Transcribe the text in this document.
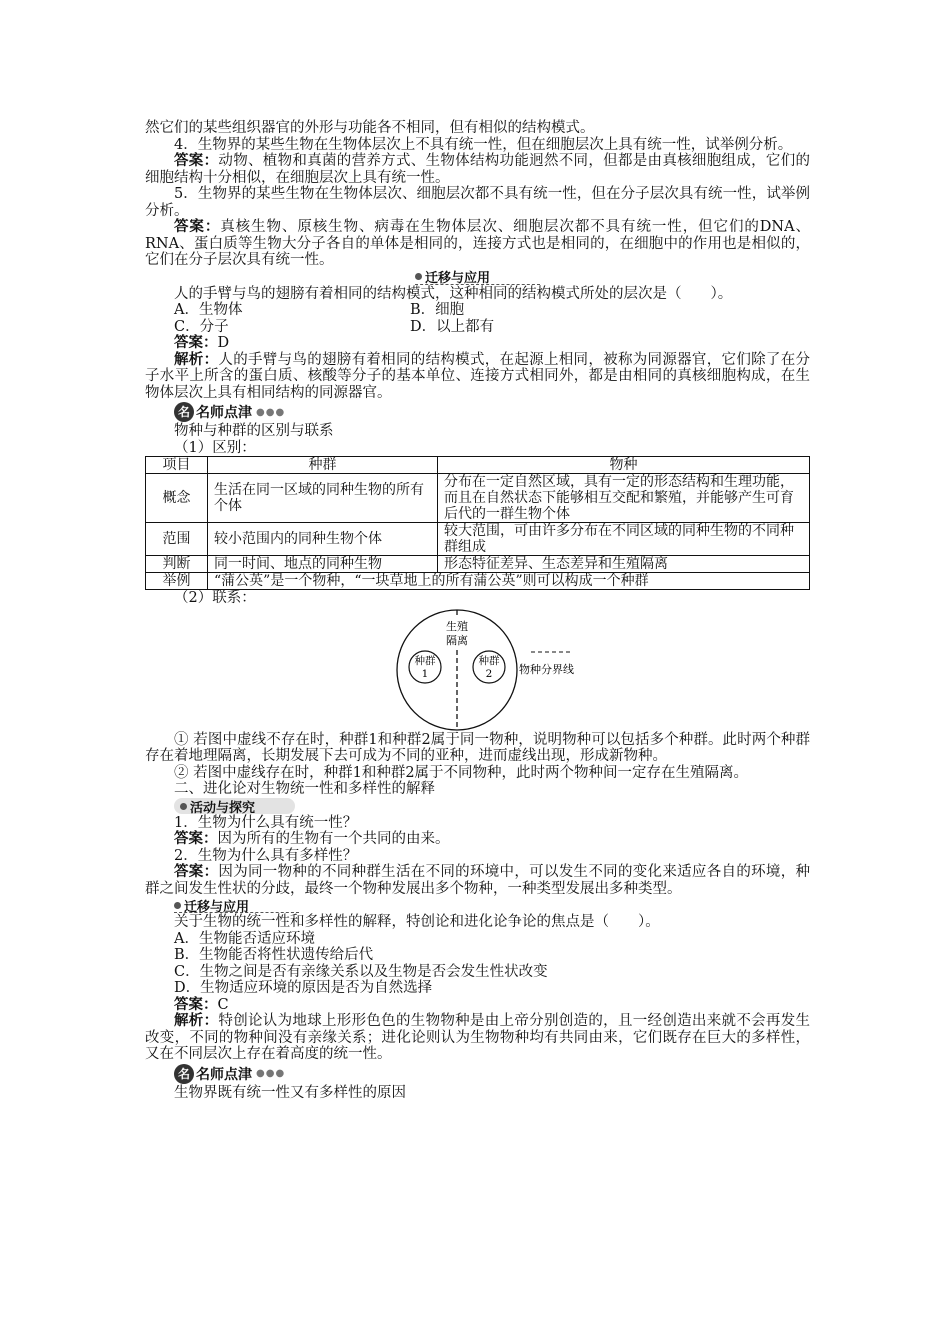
然它们的某些组织器官的外形与功能各不相同，但有相似的结构模式。

4．生物界的某些生物在生物体层次上不具有统一性，但在细胞层次上具有统一性，试举例分析。

答案：动物、植物和真菌的营养方式、生物体结构功能迥然不同，但都是由真核细胞组成，它们的细胞结构十分相似，在细胞层次上具有统一性。

5．生物界的某些生物在生物体层次、细胞层次都不具有统一性，但在分子层次具有统一性，试举例分析。

答案：真核生物、原核生物、病毒在生物体层次、细胞层次都不具有统一性，但它们的DNA、RNA、蛋白质等生物大分子各自的单体是相同的，连接方式也是相同的，在细胞中的作用也是相似的，它们在分子层次具有统一性。

迁移与应用

人的手臂与鸟的翅膀有着相同的结构模式，这种相同的结构模式所处的层次是（　　）。

A．生物体	B．细胞
C．分子	D．以上都有

答案：D

解析：人的手臂与鸟的翅膀有着相同的结构模式，在起源上相同，被称为同源器官，它们除了在分子水平上所含的蛋白质、核酸等分子的基本单位、连接方式相同外，都是由相同的真核细胞构成，在生物体层次上具有相同结构的同源器官。

名 名师点津 ●●●

物种与种群的区别与联系

（1）区别：

项目	种群	物种
概念	生活在同一区域的同种生物的所有个体	分布在一定自然区域，具有一定的形态结构和生理功能，而且在自然状态下能够相互交配和繁殖，并能够产生可育后代的一群生物个体
范围	较小范围内的同种生物个体	较大范围，可由许多分布在不同区域的同种生物的不同种群组成
判断	同一时间、地点的同种生物	形态特征差异、生态差异和生殖隔离
举例	“蒲公英”是一个物种，“一块草地上的所有蒲公英”则可以构成一个种群	

（2）联系：

生殖
隔离
种群
1
种群
2 物种分界线

① 若图中虚线不存在时，种群1和种群2属于同一物种，说明物种可以包括多个种群。此时两个种群存在着地理隔离，长期发展下去可成为不同的亚种，进而虚线出现，形成新物种。

② 若图中虚线存在时，种群1和种群2属于不同物种，此时两个物种间一定存在生殖隔离。

二、进化论对生物统一性和多样性的解释

活动与探究

1．生物为什么具有统一性？

答案：因为所有的生物有一个共同的由来。

2．生物为什么具有多样性？

答案：因为同一物种的不同种群生活在不同的环境中，可以发生不同的变化来适应各自的环境，种群之间发生性状的分歧，最终一个物种发展出多个物种，一种类型发展出多种类型。

迁移与应用

关于生物的统一性和多样性的解释，特创论和进化论争论的焦点是（　　）。

A．生物能否适应环境

B．生物能否将性状遗传给后代

C．生物之间是否有亲缘关系以及生物是否会发生性状改变

D．生物适应环境的原因是否为自然选择

答案：C

解析：特创论认为地球上形形色色的生物物种是由上帝分别创造的，且一经创造出来就不会再发生改变，不同的物种间没有亲缘关系；进化论则认为生物物种均有共同由来，它们既存在巨大的多样性，又在不同层次上存在着高度的统一性。

名 名师点津 ●●●

生物界既有统一性又有多样性的原因
